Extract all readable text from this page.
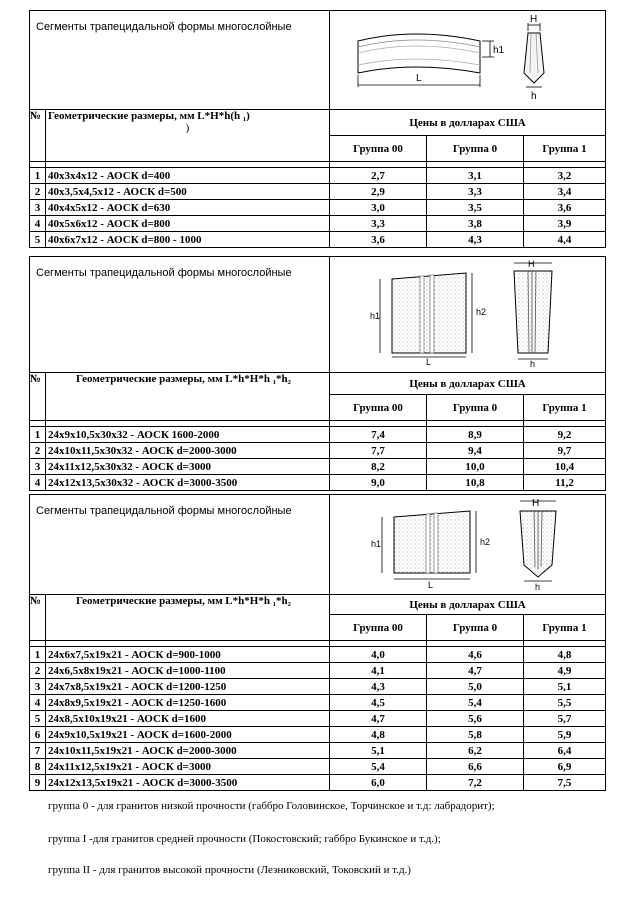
Сегменты трапецидальной формы многослойные		h1
L
H
h		

№	Геометрические размеры, мм L*H*h(h ₁)
)	Цены в долларах США		
		Группа 00	Группа 0	Группа 1

1	40x3x4x12 - АОСК d=400	2,7	3,1	3,2
2	40x3,5x4,5x12 - АОСК d=500	2,9	3,3	3,4
3	40x4x5x12 - АОСК d=630	3,0	3,5	3,6
4	40x5x6x12 - АОСК d=800	3,3	3,8	3,9
5	40x6x7x12 - АОСК d=800 - 1000	3,6	4,3	4,4
Сегменты трапецидальной формы многослойные		h1 h2
L
H
h		

№	Геометрические размеры, мм L*h*H*h ₁*h₂	Цены в долларах США		
		Группа 00	Группа 0	Группа 1

1	24x9x10,5x30x32 - АОСК 1600-2000	7,4	8,9	9,2
2	24x10x11,5x30x32 - АОСК d=2000-3000	7,7	9,4	9,7
3	24x11x12,5x30x32 - АОСК d=3000	8,2	10,0	10,4
4	24x12x13,5x30x32 - АОСК d=3000-3500	9,0	10,8	11,2
Сегменты трапецидальной формы многослойные		h1 h2
L
H
h		

№	Геометрические размеры, мм L*h*H*h ₁*h₂	Цены в долларах США		
		Группа 00	Группа 0	Группа 1

1	24x6x7,5x19x21 - АОСК d=900-1000	4,0	4,6	4,8
2	24x6,5x8x19x21 - АОСК d=1000-1100	4,1	4,7	4,9
3	24x7x8,5x19x21 - АОСК d=1200-1250	4,3	5,0	5,1
4	24x8x9,5x19x21 - АОСК d=1250-1600	4,5	5,4	5,5
5	24x8,5x10x19x21 - АОСК d=1600	4,7	5,6	5,7
6	24x9x10,5x19x21 - АОСК d=1600-2000	4,8	5,8	5,9
7	24x10x11,5x19x21 - АОСК d=2000-3000	5,1	6,2	6,4
8	24x11x12,5x19x21 - АОСК d=3000	5,4	6,6	6,9
9	24x12x13,5x19x21 - АОСК d=3000-3500	6,0	7,2	7,5

группа 0 - для гранитов низкой прочности (габбро Головинское, Торчинское и т.д: лабрадорит);

группа I -для гранитов средней прочности (Покостовский; габбро Букинское и т.д.);

группа II - для гранитов высокой прочности (Лезниковский, Токовский и т.д.)
